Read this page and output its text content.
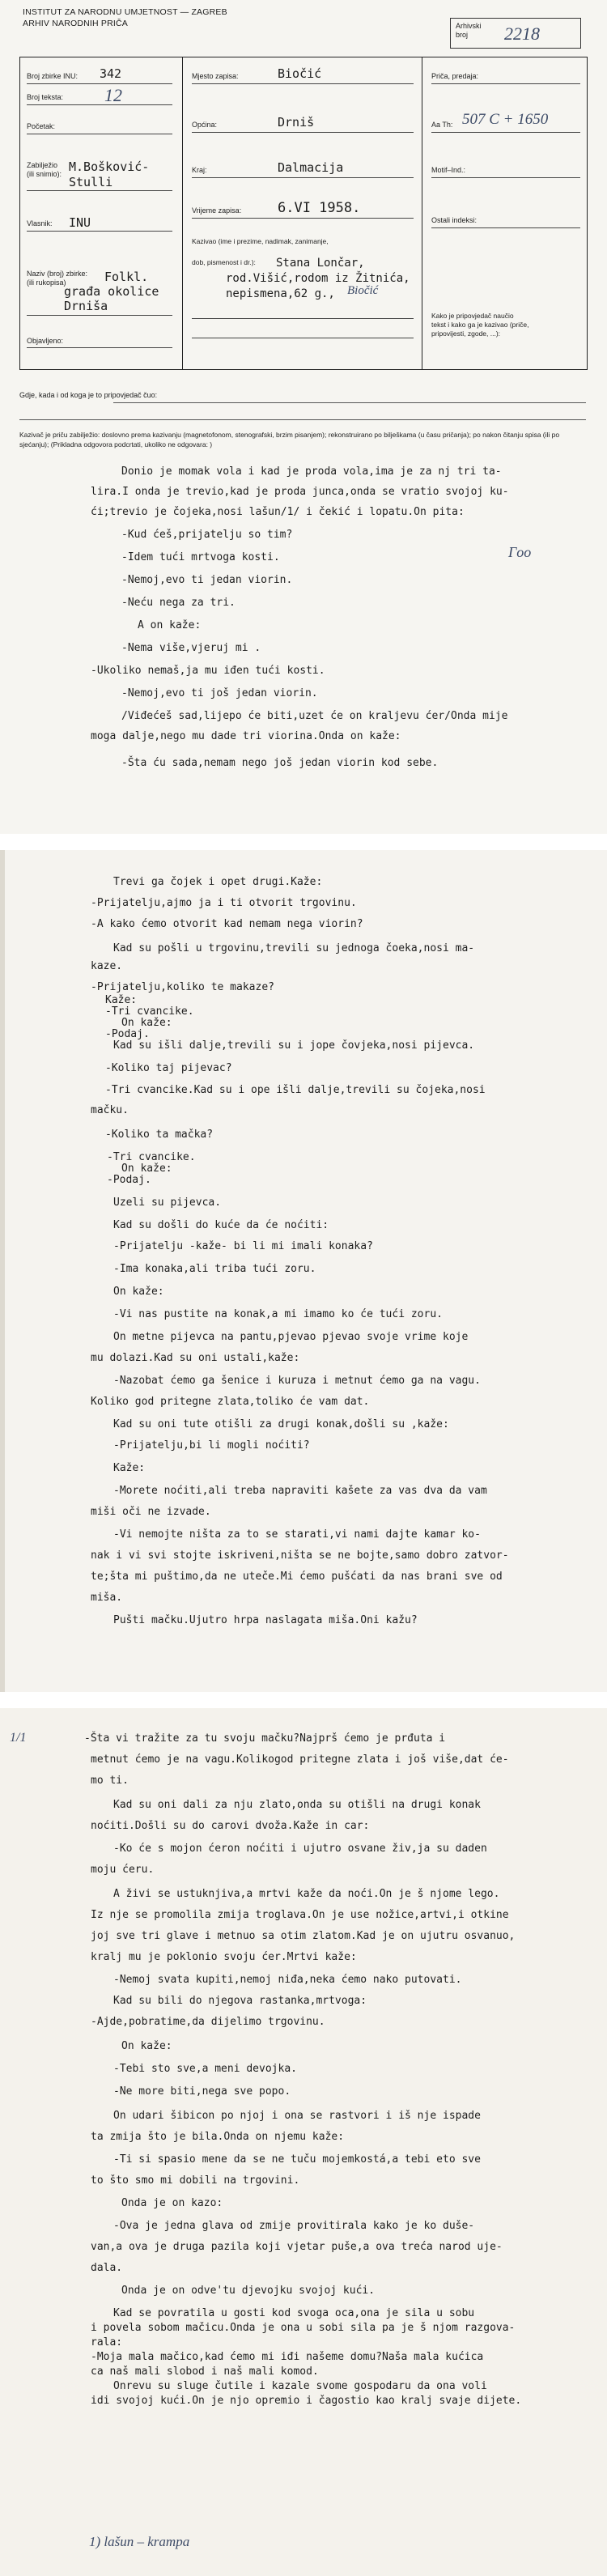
INSTITUT ZA NARODNU UMJETNOST — ZAGREB
ARHIV NARODNIH PRIČA	Arhivski
broj	2218
Broj zbirke INU: 342
Broj teksta: 12
Početak:
Zabilježio
(ili snimio): M.Bošković-
Stulli
Vlasnik: INU
Naziv (broj) zbirke:
(ili rukopisa)	Folkl.
građa okolice
Drniša
Objavljeno:
Mjesto zapisa:	Biočić
Općina:	Drniš
Kraj:	Dalmacija
Vrijeme zapisa:	6.VI 1958.
Kazivao (ime i prezime, nadimak, zanimanje,
dob, pismenost i dr.): Stana Lončar,
rod.Višić,rodom iz Žitnića,
nepismena,62 g., Biočić
Priča, predaja:
Aa Th: 507 C + 1650
Motif–Ind.:
Ostali indeksi:
Kako je pripovjedač naučio
tekst i kako ga je kazivao (priče,
pripovijesti, zgode, ...):
Gdje, kada i od koga je to pripovjedač čuo:
Kazivač je priču zabilježio: doslovno prema kazivanju (magnetofonom, stenografski, brzim pisanjem); rekonstruirano po bilješkama (u času pričanja); po nakon čitanju spisa (ili po sjećanju); (Prikladna odgovora podcrtati, ukoliko ne odgovara: )
Donio je momak vola i kad je proda vola,ima je za nj tri ta-
lira.I onda je trevio,kad je proda junca,onda se vratio svojoj ku-
ći;trevio je čojeka,nosi lašun/1/ i čekić i lopatu.On pita:
-Kud ćeš,prijatelju so tim?
-Idem tući mrtvoga kosti.
-Nemoj,evo ti jedan viorin.
-Neću nega za tri.
A on kaže:
-Nema više,vjeruj mi .
-Ukoliko nemaš,ja mu iđen tući kosti.
-Nemoj,evo ti još jedan viorin.
/Viđećeš sad,lijepo će biti,uzet će on kraljevu ćer/Onda mije
moga dalje,nego mu dade tri viorina.Onda on kaže:
-Šta ću sada,nemam nego još jedan viorin kod sebe.
Γoo
Trevi ga čojek i opet drugi.Kaže:
-Prijatelju,ajmo ja i ti otvorit trgovinu.
-A kako ćemo otvorit kad nemam nega viorin?
Kad su pošli u trgovinu,trevili su jednoga čoeka,nosi ma-
kaze.
-Prijatelju,koliko te makaze?
Kaže:
-Tri cvancike.
On kaže:
-Podaj.
Kad su išli dalje,trevili su i jope čovjeka,nosi pijevca.
-Koliko taj pijevac?
-Tri cvancike.Kad su i ope išli dalje,trevili su čojeka,nosi
mačku.
-Koliko ta mačka?
-Tri cvancike.
On kaže:
-Podaj.
Uzeli su pijevca.
Kad su došli do kuće da će noćiti:
-Prijatelju -kaže- bi li mi imali konaka?
-Ima konaka,ali triba tući zoru.
On kaže:
-Vi nas pustite na konak,a mi imamo ko će tući zoru.
On metne pijevca na pantu,pjevao pjevao svoje vrime koje
mu dolazi.Kad su oni ustali,kaže:
-Nazobat ćemo ga šenice i kuruza i metnut ćemo ga na vagu.
Koliko god pritegne zlata,toliko će vam dat.
Kad su oni tute otišli za drugi konak,došli su ,kaže:
-Prijatelju,bi li mogli noćiti?
Kaže:
-Morete noćiti,ali treba napraviti kašete za vas dva da vam
miši oči ne izvade.
-Vi nemojte ništa za to se starati,vi nami dajte kamar ko-
nak i vi svi stojte iskriveni,ništa se ne bojte,samo dobro zatvor-
te;šta mi puštimo,da ne uteče.Mi ćemo pušćati da nas brani sve od
miša.
Pušti mačku.Ujutro hrpa naslagata miša.Oni kažu?
1/1	-Šta vi tražite za tu svoju mačku?Najprš ćemo je prđuta i
metnut ćemo je na vagu.Kolikogod pritegne zlata i još više,dat će-
mo ti.
Kad su oni dali za nju zlato,onda su otišli na drugi konak
noćiti.Došli su do carovi dvoža.Kaže in car:
-Ko će s mojon ćeron noćiti i ujutro osvane živ,ja su daden
moju ćeru.
A živi se ustuknjiva,a mrtvi kaže da noći.On je š njome lego.
Iz nje se promolila zmija troglava.On je use nožice,artvi,i otkine
joj sve tri glave i metnuo sa otim zlatom.Kad je on ujutru osvanuo,
kralj mu je poklonio svoju ćer.Mrtvi kaže:
-Nemoj svata kupiti,nemoj niđa,neka ćemo nako putovati.
Kad su bili do njegova rastanka,mrtvoga:
-Ajde,pobratime,da dijelimo trgovinu.
On kaže:
-Tebi sto sve,a meni devojka.
-Ne more biti,nega sve popo.
On udari šibicon po njoj i ona se rastvori i iš nje ispade
ta zmija što je bila.Onda on njemu kaže:
-Ti si spasio mene da se ne tuču mojemkostá,a tebi eto sve
to što smo mi dobili na trgovini.
Onda je on kazo:
-Ova je jedna glava od zmije provitirala kako je ko duše-
van,a ova je druga pazila koji vjetar puše,a ova treća narod uje-
dala.
Onda je on odve'tu djevojku svojoj kući.
Kad se povratila u gosti kod svoga oca,ona je sila u sobu
i povela sobom mačicu.Onda je ona u sobi sila pa je š njom razgova-
rala:
-Moja mala mačico,kad ćemo mi iđi našeme domu?Naša mala kućica
ca naš mali slobod i naš mali komod.
Onrevu su sluge čutile i kazale svome gospodaru da ona voli
idi svojoj kući.On je njo opremio i čagostio kao kralj svaje dijete.
1) lašun – krampa
